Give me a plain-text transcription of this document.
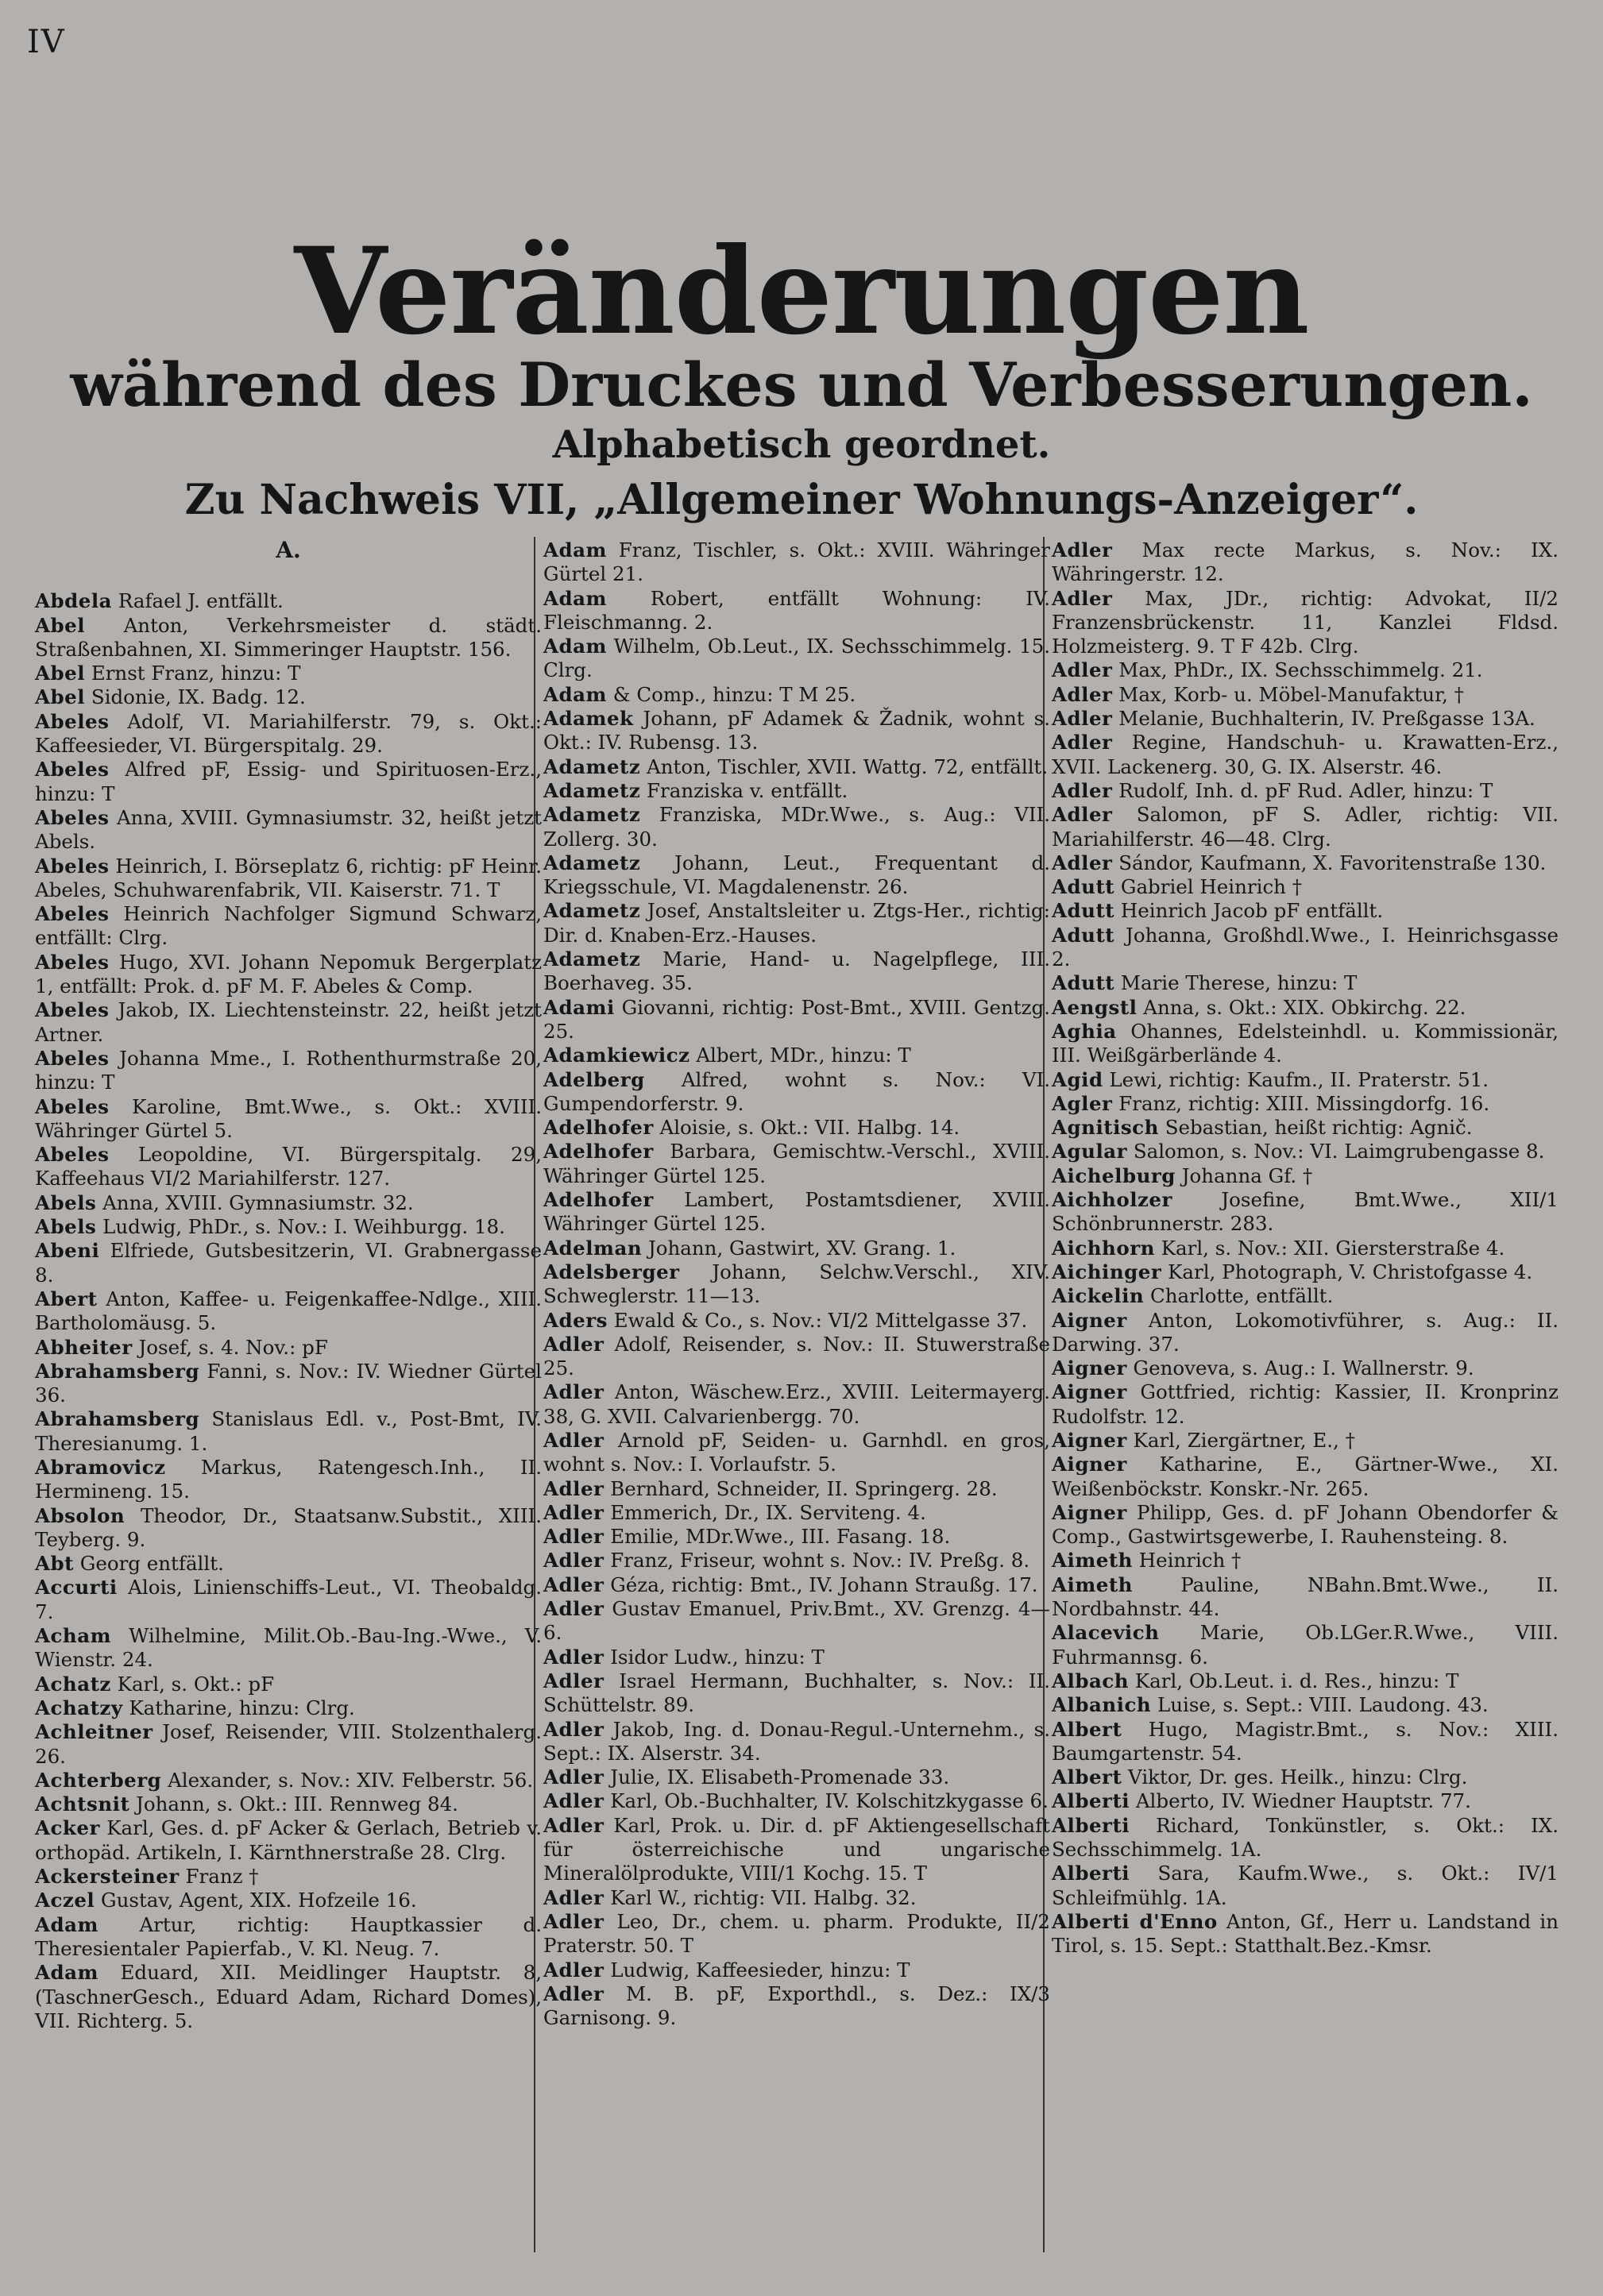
IV
Veränderungen
während des Druckes und Verbesserungen.
Alphabetisch geordnet.
Zu Nachweis VII, „Allgemeiner Wohnungs-Anzeiger“.
A.

Abdela Rafael J. entfällt.

Abel Anton, Verkehrsmeister d. städt. Straßenbahnen, XI. Simmeringer Hauptstr. 156.

Abel Ernst Franz, hinzu: T

Abel Sidonie, IX. Badg. 12.

Abeles Adolf, VI. Mariahilferstr. 79, s. Okt.: Kaffeesieder, VI. Bürgerspitalg. 29.

Abeles Alfred pF, Essig- und Spirituosen-Erz., hinzu: T

Abeles Anna, XVIII. Gymnasiumstr. 32, heißt jetzt Abels.

Abeles Heinrich, I. Börseplatz 6, richtig: pF Heinr. Abeles, Schuhwarenfabrik, VII. Kaiserstr. 71. T

Abeles Heinrich Nachfolger Sigmund Schwarz, entfällt: Clrg.

Abeles Hugo, XVI. Johann Nepomuk Bergerplatz 1, entfällt: Prok. d. pF M. F. Abeles & Comp.

Abeles Jakob, IX. Liechtensteinstr. 22, heißt jetzt Artner.

Abeles Johanna Mme., I. Rothenthurmstraße 20, hinzu: T

Abeles Karoline, Bmt.Wwe., s. Okt.: XVIII. Währinger Gürtel 5.

Abeles Leopoldine, VI. Bürgerspitalg. 29, Kaffeehaus VI/2 Mariahilferstr. 127.

Abels Anna, XVIII. Gymnasiumstr. 32.

Abels Ludwig, PhDr., s. Nov.: I. Weihburgg. 18.

Abeni Elfriede, Gutsbesitzerin, VI. Grabnergasse 8.

Abert Anton, Kaffee- u. Feigenkaffee-Ndlge., XIII. Bartholomäusg. 5.

Abheiter Josef, s. 4. Nov.: pF

Abrahamsberg Fanni, s. Nov.: IV. Wiedner Gürtel 36.

Abrahamsberg Stanislaus Edl. v., Post-Bmt, IV. Theresianumg. 1.

Abramovicz Markus, Ratengesch.Inh., II. Hermineng. 15.

Absolon Theodor, Dr., Staatsanw.Substit., XIII. Teyberg. 9.

Abt Georg entfällt.

Accurti Alois, Linienschiffs-Leut., VI. Theobaldg. 7.

Acham Wilhelmine, Milit.Ob.-Bau-Ing.-Wwe., V. Wienstr. 24.

Achatz Karl, s. Okt.: pF

Achatzy Katharine, hinzu: Clrg.

Achleitner Josef, Reisender, VIII. Stolzenthalerg. 26.

Achterberg Alexander, s. Nov.: XIV. Felberstr. 56.

Achtsnit Johann, s. Okt.: III. Rennweg 84.

Acker Karl, Ges. d. pF Acker & Gerlach, Betrieb v. orthopäd. Artikeln, I. Kärnthnerstraße 28. Clrg.

Ackersteiner Franz †

Aczel Gustav, Agent, XIX. Hofzeile 16.

Adam Artur, richtig: Hauptkassier d. Theresientaler Papierfab., V. Kl. Neug. 7.

Adam Eduard, XII. Meidlinger Hauptstr. 8, (TaschnerGesch., Eduard Adam, Richard Domes), VII. Richterg. 5.

Adam Franz, Tischler, s. Okt.: XVIII. Währinger Gürtel 21.

Adam Robert, entfällt Wohnung: IV. Fleischmanng. 2.

Adam Wilhelm, Ob.Leut., IX. Sechsschimmelg. 15. Clrg.

Adam & Comp., hinzu: T M 25.

Adamek Johann, pF Adamek & Žadnik, wohnt s. Okt.: IV. Rubensg. 13.

Adametz Anton, Tischler, XVII. Wattg. 72, entfällt.

Adametz Franziska v. entfällt.

Adametz Franziska, MDr.Wwe., s. Aug.: VII. Zollerg. 30.

Adametz Johann, Leut., Frequentant d. Kriegsschule, VI. Magdalenenstr. 26.

Adametz Josef, Anstaltsleiter u. Ztgs-Her., richtig: Dir. d. Knaben-Erz.-Hauses.

Adametz Marie, Hand- u. Nagelpflege, III. Boerhaveg. 35.

Adami Giovanni, richtig: Post-Bmt., XVIII. Gentzg. 25.

Adamkiewicz Albert, MDr., hinzu: T

Adelberg Alfred, wohnt s. Nov.: VI. Gumpendorferstr. 9.

Adelhofer Aloisie, s. Okt.: VII. Halbg. 14.

Adelhofer Barbara, Gemischtw.-Verschl., XVIII. Währinger Gürtel 125.

Adelhofer Lambert, Postamtsdiener, XVIII. Währinger Gürtel 125.

Adelman Johann, Gastwirt, XV. Grang. 1.

Adelsberger Johann, Selchw.Verschl., XIV. Schweglerstr. 11—13.

Aders Ewald & Co., s. Nov.: VI/2 Mittelgasse 37.

Adler Adolf, Reisender, s. Nov.: II. Stuwerstraße 25.

Adler Anton, Wäschew.Erz., XVIII. Leitermayerg. 38, G. XVII. Calvarienbergg. 70.

Adler Arnold pF, Seiden- u. Garnhdl. en gros, wohnt s. Nov.: I. Vorlaufstr. 5.

Adler Bernhard, Schneider, II. Springerg. 28.

Adler Emmerich, Dr., IX. Serviteng. 4.

Adler Emilie, MDr.Wwe., III. Fasang. 18.

Adler Franz, Friseur, wohnt s. Nov.: IV. Preßg. 8.

Adler Géza, richtig: Bmt., IV. Johann Straußg. 17.

Adler Gustav Emanuel, Priv.Bmt., XV. Grenzg. 4—6.

Adler Isidor Ludw., hinzu: T

Adler Israel Hermann, Buchhalter, s. Nov.: II. Schüttelstr. 89.

Adler Jakob, Ing. d. Donau-Regul.-Unternehm., s. Sept.: IX. Alserstr. 34.

Adler Julie, IX. Elisabeth-Promenade 33.

Adler Karl, Ob.-Buchhalter, IV. Kolschitzkygasse 6.

Adler Karl, Prok. u. Dir. d. pF Aktiengesellschaft für österreichische und ungarische Mineralölprodukte, VIII/1 Kochg. 15. T

Adler Karl W., richtig: VII. Halbg. 32.

Adler Leo, Dr., chem. u. pharm. Produkte, II/2 Praterstr. 50. T

Adler Ludwig, Kaffeesieder, hinzu: T

Adler M. B. pF, Exporthdl., s. Dez.: IX/3 Garnisong. 9.

Adler Max recte Markus, s. Nov.: IX. Währingerstr. 12.

Adler Max, JDr., richtig: Advokat, II/2 Franzensbrückenstr. 11, Kanzlei Fldsd. Holzmeisterg. 9. T F 42b. Clrg.

Adler Max, PhDr., IX. Sechsschimmelg. 21.

Adler Max, Korb- u. Möbel-Manufaktur, †

Adler Melanie, Buchhalterin, IV. Preßgasse 13A.

Adler Regine, Handschuh- u. Krawatten-Erz., XVII. Lackenerg. 30, G. IX. Alserstr. 46.

Adler Rudolf, Inh. d. pF Rud. Adler, hinzu: T

Adler Salomon, pF S. Adler, richtig: VII. Mariahilferstr. 46—48. Clrg.

Adler Sándor, Kaufmann, X. Favoritenstraße 130.

Adutt Gabriel Heinrich †

Adutt Heinrich Jacob pF entfällt.

Adutt Johanna, Großhdl.Wwe., I. Heinrichsgasse 2.

Adutt Marie Therese, hinzu: T

Aengstl Anna, s. Okt.: XIX. Obkirchg. 22.

Aghia Ohannes, Edelsteinhdl. u. Kommissionär, III. Weißgärberlände 4.

Agid Lewi, richtig: Kaufm., II. Praterstr. 51.

Agler Franz, richtig: XIII. Missingdorfg. 16.

Agnitisch Sebastian, heißt richtig: Agnič.

Agular Salomon, s. Nov.: VI. Laimgrubengasse 8.

Aichelburg Johanna Gf. †

Aichholzer Josefine, Bmt.Wwe., XII/1 Schönbrunnerstr. 283.

Aichhorn Karl, s. Nov.: XII. Giersterstraße 4.

Aichinger Karl, Photograph, V. Christofgasse 4.

Aickelin Charlotte, entfällt.

Aigner Anton, Lokomotivführer, s. Aug.: II. Darwing. 37.

Aigner Genoveva, s. Aug.: I. Wallnerstr. 9.

Aigner Gottfried, richtig: Kassier, II. Kronprinz Rudolfstr. 12.

Aigner Karl, Ziergärtner, E., †

Aigner Katharine, E., Gärtner-Wwe., XI. Weißenböckstr. Konskr.-Nr. 265.

Aigner Philipp, Ges. d. pF Johann Obendorfer & Comp., Gastwirtsgewerbe, I. Rauhensteing. 8.

Aimeth Heinrich †

Aimeth Pauline, NBahn.Bmt.Wwe., II. Nordbahnstr. 44.

Alacevich Marie, Ob.LGer.R.Wwe., VIII. Fuhrmannsg. 6.

Albach Karl, Ob.Leut. i. d. Res., hinzu: T

Albanich Luise, s. Sept.: VIII. Laudong. 43.

Albert Hugo, Magistr.Bmt., s. Nov.: XIII. Baumgartenstr. 54.

Albert Viktor, Dr. ges. Heilk., hinzu: Clrg.

Alberti Alberto, IV. Wiedner Hauptstr. 77.

Alberti Richard, Tonkünstler, s. Okt.: IX. Sechsschimmelg. 1A.

Alberti Sara, Kaufm.Wwe., s. Okt.: IV/1 Schleifmühlg. 1A.

Alberti d'Enno Anton, Gf., Herr u. Landstand in Tirol, s. 15. Sept.: Statthalt.Bez.-Kmsr.
